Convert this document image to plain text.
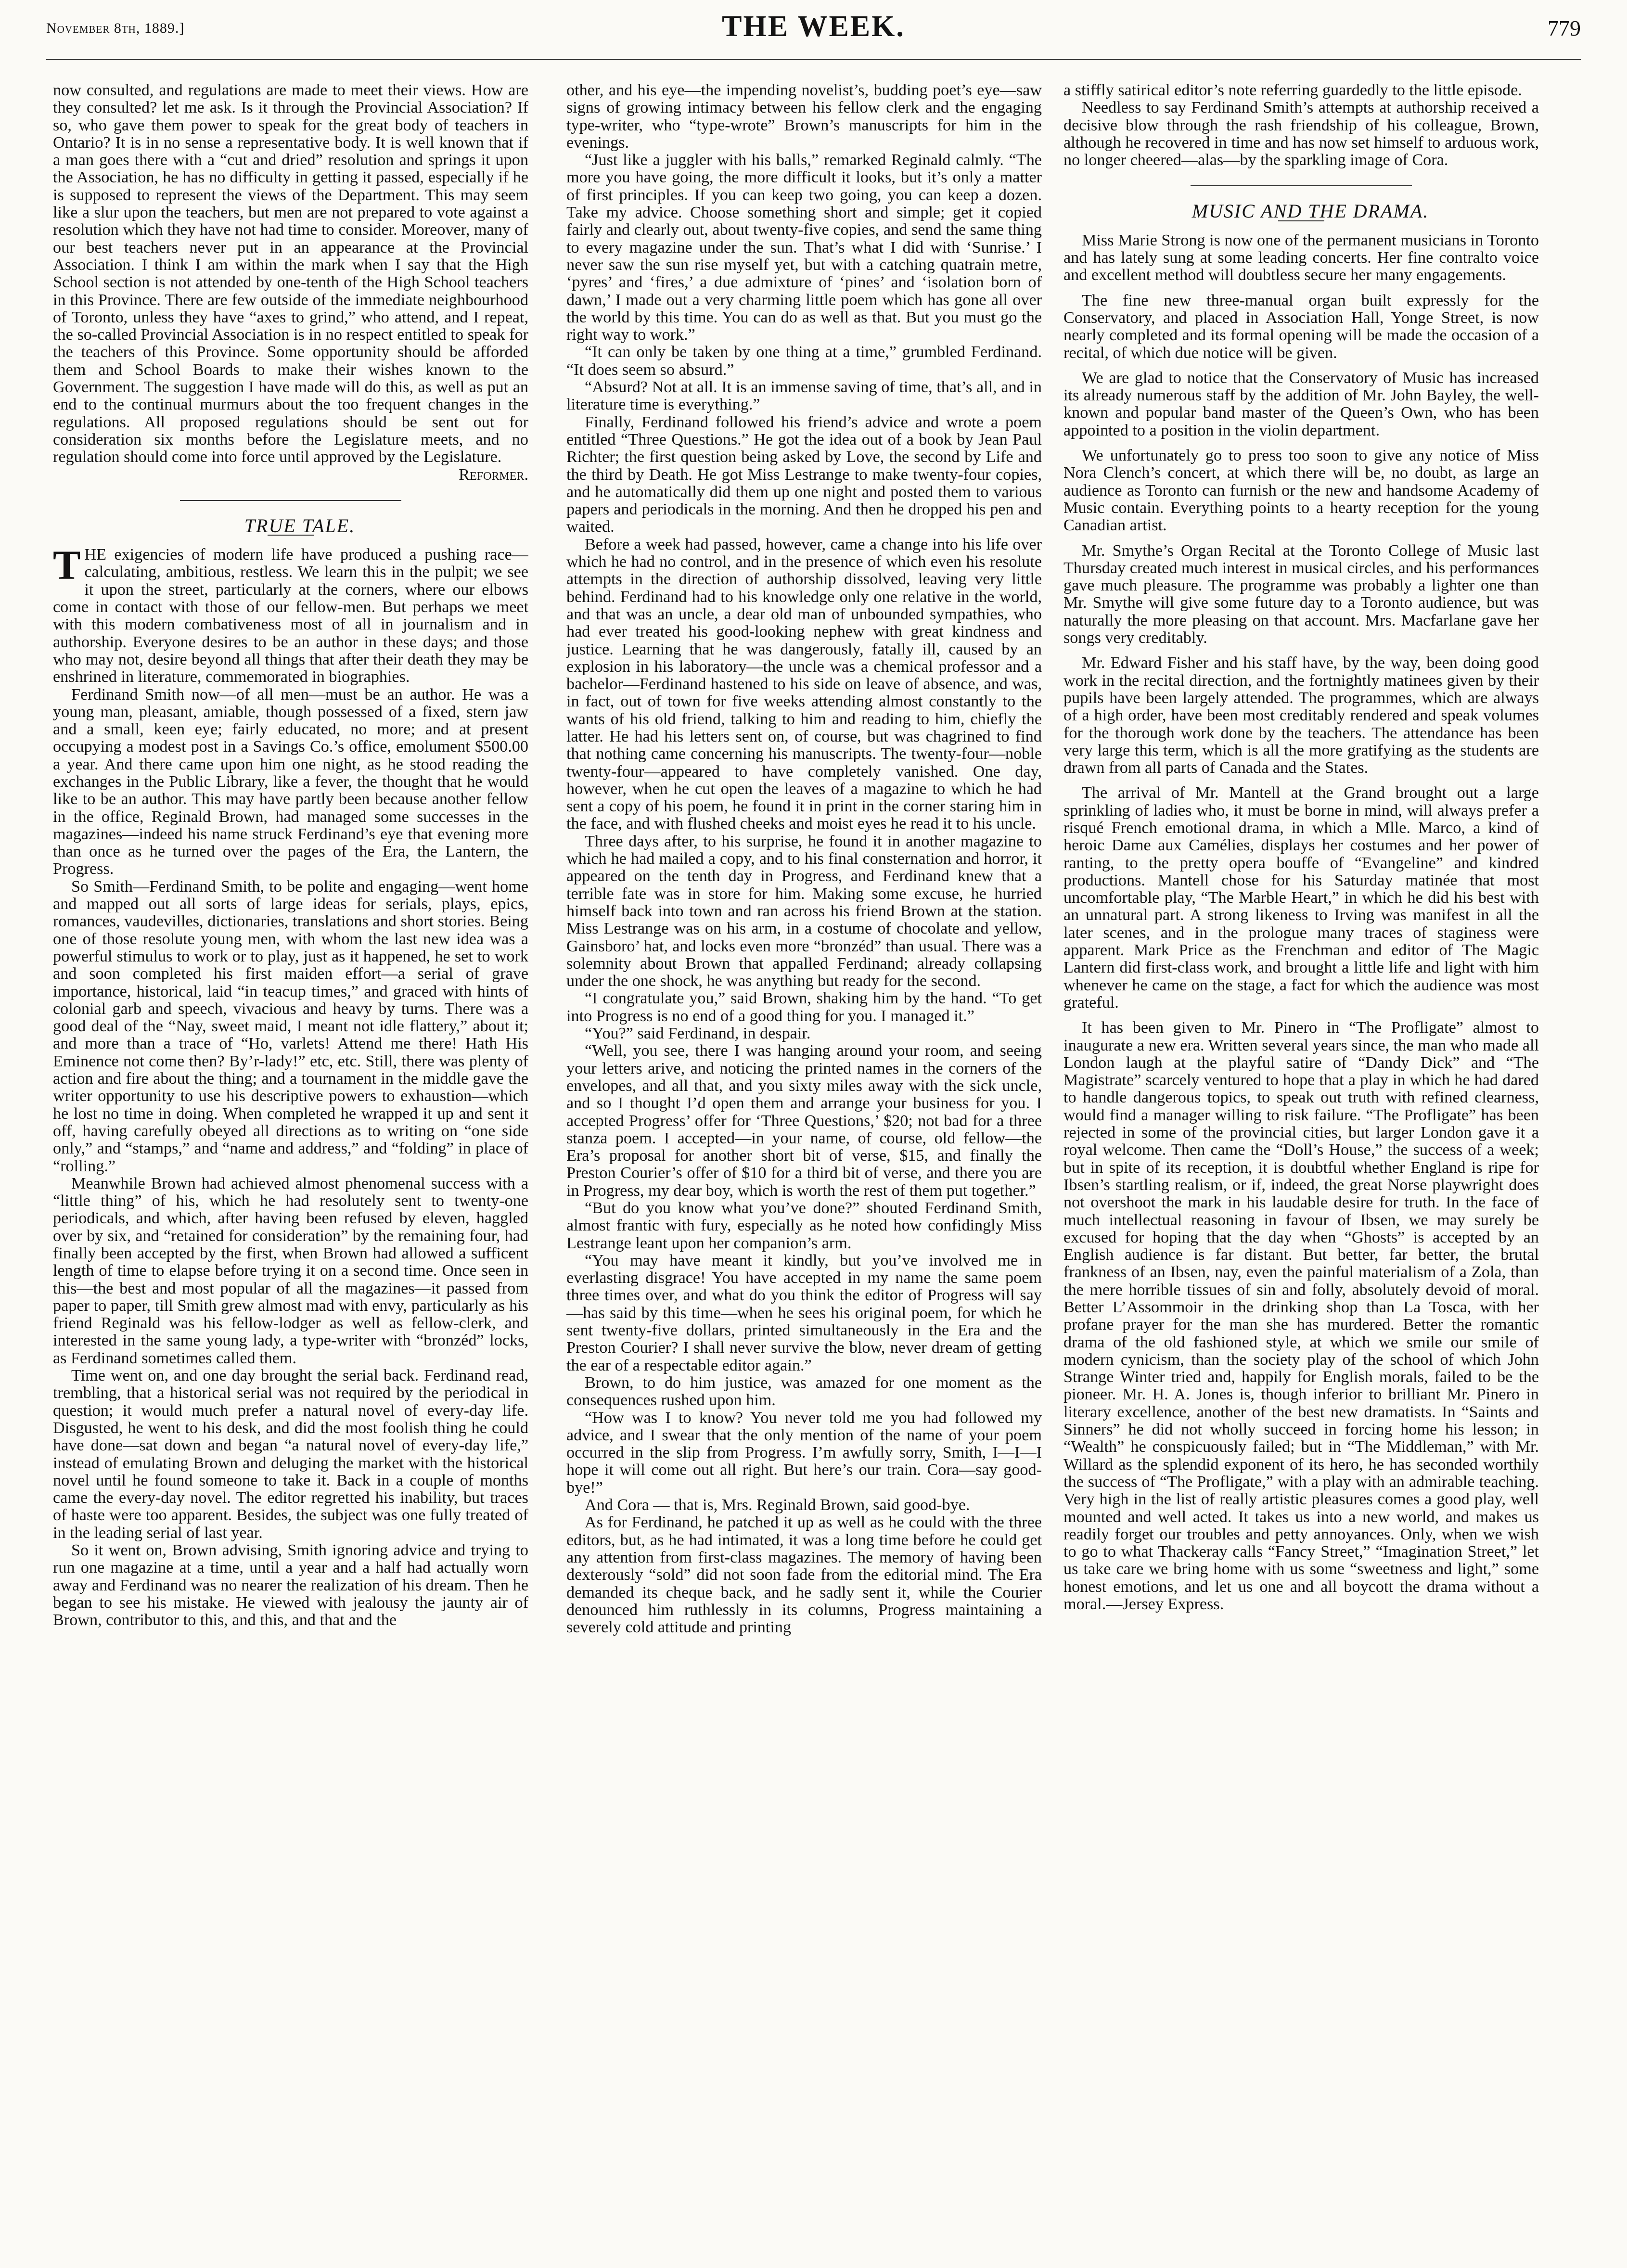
November 8th, 1889.]	THE WEEK.	779

now consulted, and regulations are made to meet their views. How are they consulted? let me ask. Is it through the Provincial Association? If so, who gave them power to speak for the great body of teachers in Ontario? It is in no sense a representative body. It is well known that if a man goes there with a “cut and dried” resolution and springs it upon the Association, he has no difficulty in getting it passed, especially if he is supposed to represent the views of the Department. This may seem like a slur upon the teachers, but men are not prepared to vote against a resolution which they have not had time to consider. Moreover, many of our best teachers never put in an appearance at the Provincial Association. I think I am within the mark when I say that the High School section is not attended by one-tenth of the High School teachers in this Province. There are few outside of the immediate neighbourhood of Toronto, unless they have “axes to grind,” who attend, and I repeat, the so-called Provincial Association is in no respect entitled to speak for the teachers of this Province. Some opportunity should be afforded them and School Boards to make their wishes known to the Government. The suggestion I have made will do this, as well as put an end to the continual murmurs about the too frequent changes in the regulations. All proposed regulations should be sent out for consideration six months before the Legislature meets, and no regulation should come into force until approved by the Legislature.

Reformer.

TRUE TALE.

THE exigencies of modern life have produced a pushing race—calculating, ambitious, restless. We learn this in the pulpit; we see it upon the street, particularly at the corners, where our elbows come in contact with those of our fellow-men. But perhaps we meet with this modern combativeness most of all in journalism and in authorship. Everyone desires to be an author in these days; and those who may not, desire beyond all things that after their death they may be enshrined in literature, commemorated in biographies.

Ferdinand Smith now—of all men—must be an author. He was a young man, pleasant, amiable, though possessed of a fixed, stern jaw and a small, keen eye; fairly educated, no more; and at present occupying a modest post in a Savings Co.’s office, emolument $500.00 a year. And there came upon him one night, as he stood reading the exchanges in the Public Library, like a fever, the thought that he would like to be an author. This may have partly been because another fellow in the office, Reginald Brown, had managed some successes in the magazines—indeed his name struck Ferdinand’s eye that evening more than once as he turned over the pages of the Era, the Lantern, the Progress.

So Smith—Ferdinand Smith, to be polite and engaging—went home and mapped out all sorts of large ideas for serials, plays, epics, romances, vaudevilles, dictionaries, translations and short stories. Being one of those resolute young men, with whom the last new idea was a powerful stimulus to work or to play, just as it happened, he set to work and soon completed his first maiden effort—a serial of grave importance, historical, laid “in teacup times,” and graced with hints of colonial garb and speech, vivacious and heavy by turns. There was a good deal of the “Nay, sweet maid, I meant not idle flattery,” about it; and more than a trace of “Ho, varlets! Attend me there! Hath His Eminence not come then? By’r-lady!” etc, etc. Still, there was plenty of action and fire about the thing; and a tournament in the middle gave the writer opportunity to use his descriptive powers to exhaustion—which he lost no time in doing. When completed he wrapped it up and sent it off, having carefully obeyed all directions as to writing on “one side only,” and “stamps,” and “name and address,” and “folding” in place of “rolling.”

Meanwhile Brown had achieved almost phenomenal success with a “little thing” of his, which he had resolutely sent to twenty-one periodicals, and which, after having been refused by eleven, haggled over by six, and “retained for consideration” by the remaining four, had finally been accepted by the first, when Brown had allowed a sufficent length of time to elapse before trying it on a second time. Once seen in this—the best and most popular of all the magazines—it passed from paper to paper, till Smith grew almost mad with envy, particularly as his friend Reginald was his fellow-lodger as well as fellow-clerk, and interested in the same young lady, a type-writer with “bronzéd” locks, as Ferdinand sometimes called them.

Time went on, and one day brought the serial back. Ferdinand read, trembling, that a historical serial was not required by the periodical in question; it would much prefer a natural novel of every-day life. Disgusted, he went to his desk, and did the most foolish thing he could have done—sat down and began “a natural novel of every-day life,” instead of emulating Brown and deluging the market with the historical novel until he found someone to take it. Back in a couple of months came the every-day novel. The editor regretted his inability, but traces of haste were too apparent. Besides, the subject was one fully treated of in the leading serial of last year.

So it went on, Brown advising, Smith ignoring advice and trying to run one magazine at a time, until a year and a half had actually worn away and Ferdinand was no nearer the realization of his dream. Then he began to see his mistake. He viewed with jealousy the jaunty air of Brown, contributor to this, and this, and that and the

other, and his eye—the impending novelist’s, budding poet’s eye—saw signs of growing intimacy between his fellow clerk and the engaging type-writer, who “type-wrote” Brown’s manuscripts for him in the evenings.

“Just like a juggler with his balls,” remarked Reginald calmly. “The more you have going, the more difficult it looks, but it’s only a matter of first principles. If you can keep two going, you can keep a dozen. Take my advice. Choose something short and simple; get it copied fairly and clearly out, about twenty-five copies, and send the same thing to every magazine under the sun. That’s what I did with ‘Sunrise.’ I never saw the sun rise myself yet, but with a catching quatrain metre, ‘pyres’ and ‘fires,’ a due admixture of ‘pines’ and ‘isolation born of dawn,’ I made out a very charming little poem which has gone all over the world by this time. You can do as well as that. But you must go the right way to work.”

“It can only be taken by one thing at a time,” grumbled Ferdinand. “It does seem so absurd.”

“Absurd? Not at all. It is an immense saving of time, that’s all, and in literature time is everything.”

Finally, Ferdinand followed his friend’s advice and wrote a poem entitled “Three Questions.” He got the idea out of a book by Jean Paul Richter; the first question being asked by Love, the second by Life and the third by Death. He got Miss Lestrange to make twenty-four copies, and he automatically did them up one night and posted them to various papers and periodicals in the morning. And then he dropped his pen and waited.

Before a week had passed, however, came a change into his life over which he had no control, and in the presence of which even his resolute attempts in the direction of authorship dissolved, leaving very little behind. Ferdinand had to his knowledge only one relative in the world, and that was an uncle, a dear old man of unbounded sympathies, who had ever treated his good-looking nephew with great kindness and justice. Learning that he was dangerously, fatally ill, caused by an explosion in his laboratory—the uncle was a chemical professor and a bachelor—Ferdinand hastened to his side on leave of absence, and was, in fact, out of town for five weeks attending almost constantly to the wants of his old friend, talking to him and reading to him, chiefly the latter. He had his letters sent on, of course, but was chagrined to find that nothing came concerning his manuscripts. The twenty-four—noble twenty-four—appeared to have completely vanished. One day, however, when he cut open the leaves of a magazine to which he had sent a copy of his poem, he found it in print in the corner staring him in the face, and with flushed cheeks and moist eyes he read it to his uncle.

Three days after, to his surprise, he found it in another magazine to which he had mailed a copy, and to his final consternation and horror, it appeared on the tenth day in Progress, and Ferdinand knew that a terrible fate was in store for him. Making some excuse, he hurried himself back into town and ran across his friend Brown at the station. Miss Lestrange was on his arm, in a costume of chocolate and yellow, Gainsboro’ hat, and locks even more “bronzéd” than usual. There was a solemnity about Brown that appalled Ferdinand; already collapsing under the one shock, he was anything but ready for the second.

“I congratulate you,” said Brown, shaking him by the hand. “To get into Progress is no end of a good thing for you. I managed it.”

“You?” said Ferdinand, in despair.

“Well, you see, there I was hanging around your room, and seeing your letters arive, and noticing the printed names in the corners of the envelopes, and all that, and you sixty miles away with the sick uncle, and so I thought I’d open them and arrange your business for you. I accepted Progress’ offer for ‘Three Questions,’ $20; not bad for a three stanza poem. I accepted—in your name, of course, old fellow—the Era’s proposal for another short bit of verse, $15, and finally the Preston Courier’s offer of $10 for a third bit of verse, and there you are in Progress, my dear boy, which is worth the rest of them put together.”

“But do you know what you’ve done?” shouted Ferdinand Smith, almost frantic with fury, especially as he noted how confidingly Miss Lestrange leant upon her companion’s arm.

“You may have meant it kindly, but you’ve involved me in everlasting disgrace! You have accepted in my name the same poem three times over, and what do you think the editor of Progress will say—has said by this time—when he sees his original poem, for which he sent twenty-five dollars, printed simultaneously in the Era and the Preston Courier? I shall never survive the blow, never dream of getting the ear of a respectable editor again.”

Brown, to do him justice, was amazed for one moment as the consequences rushed upon him.

“How was I to know? You never told me you had followed my advice, and I swear that the only mention of the name of your poem occurred in the slip from Progress. I’m awfully sorry, Smith, I—I—I hope it will come out all right. But here’s our train. Cora—say good-bye!”

And Cora — that is, Mrs. Reginald Brown, said good-bye.

As for Ferdinand, he patched it up as well as he could with the three editors, but, as he had intimated, it was a long time before he could get any attention from first-class magazines. The memory of having been dexterously “sold” did not soon fade from the editorial mind. The Era demanded its cheque back, and he sadly sent it, while the Courier denounced him ruthlessly in its columns, Progress maintaining a severely cold attitude and printing

a stiffly satirical editor’s note referring guardedly to the little episode.

Needless to say Ferdinand Smith’s attempts at authorship received a decisive blow through the rash friendship of his colleague, Brown, although he recovered in time and has now set himself to arduous work, no longer cheered—alas—by the sparkling image of Cora.

MUSIC AND THE DRAMA.

Miss Marie Strong is now one of the permanent musicians in Toronto and has lately sung at some leading concerts. Her fine contralto voice and excellent method will doubtless secure her many engagements.

The fine new three-manual organ built expressly for the Conservatory, and placed in Association Hall, Yonge Street, is now nearly completed and its formal opening will be made the occasion of a recital, of which due notice will be given.

We are glad to notice that the Conservatory of Music has increased its already numerous staff by the addition of Mr. John Bayley, the well-known and popular band master of the Queen’s Own, who has been appointed to a position in the violin department.

We unfortunately go to press too soon to give any notice of Miss Nora Clench’s concert, at which there will be, no doubt, as large an audience as Toronto can furnish or the new and handsome Academy of Music contain. Everything points to a hearty reception for the young Canadian artist.

Mr. Smythe’s Organ Recital at the Toronto College of Music last Thursday created much interest in musical circles, and his performances gave much pleasure. The programme was probably a lighter one than Mr. Smythe will give some future day to a Toronto audience, but was naturally the more pleasing on that account. Mrs. Macfarlane gave her songs very creditably.

Mr. Edward Fisher and his staff have, by the way, been doing good work in the recital direction, and the fortnightly matinees given by their pupils have been largely attended. The programmes, which are always of a high order, have been most creditably rendered and speak volumes for the thorough work done by the teachers. The attendance has been very large this term, which is all the more gratifying as the students are drawn from all parts of Canada and the States.

The arrival of Mr. Mantell at the Grand brought out a large sprinkling of ladies who, it must be borne in mind, will always prefer a risqué French emotional drama, in which a Mlle. Marco, a kind of heroic Dame aux Camélies, displays her costumes and her power of ranting, to the pretty opera bouffe of “Evangeline” and kindred productions. Mantell chose for his Saturday matinée that most uncomfortable play, “The Marble Heart,” in which he did his best with an unnatural part. A strong likeness to Irving was manifest in all the later scenes, and in the prologue many traces of staginess were apparent. Mark Price as the Frenchman and editor of The Magic Lantern did first-class work, and brought a little life and light with him whenever he came on the stage, a fact for which the audience was most grateful.

It has been given to Mr. Pinero in “The Profligate” almost to inaugurate a new era. Written several years since, the man who made all London laugh at the playful satire of “Dandy Dick” and “The Magistrate” scarcely ventured to hope that a play in which he had dared to handle dangerous topics, to speak out truth with refined clearness, would find a manager willing to risk failure. “The Profligate” has been rejected in some of the provincial cities, but larger London gave it a royal welcome. Then came the “Doll’s House,” the success of a week; but in spite of its reception, it is doubtful whether England is ripe for Ibsen’s startling realism, or if, indeed, the great Norse playwright does not overshoot the mark in his laudable desire for truth. In the face of much intellectual reasoning in favour of Ibsen, we may surely be excused for hoping that the day when “Ghosts” is accepted by an English audience is far distant. But better, far better, the brutal frankness of an Ibsen, nay, even the painful materialism of a Zola, than the mere horrible tissues of sin and folly, absolutely devoid of moral. Better L’Assommoir in the drinking shop than La Tosca, with her profane prayer for the man she has murdered. Better the romantic drama of the old fashioned style, at which we smile our smile of modern cynicism, than the society play of the school of which John Strange Winter tried and, happily for English morals, failed to be the pioneer. Mr. H. A. Jones is, though inferior to brilliant Mr. Pinero in literary excellence, another of the best new dramatists. In “Saints and Sinners” he did not wholly succeed in forcing home his lesson; in “Wealth” he conspicuously failed; but in “The Middleman,” with Mr. Willard as the splendid exponent of its hero, he has seconded worthily the success of “The Profligate,” with a play with an admirable teaching. Very high in the list of really artistic pleasures comes a good play, well mounted and well acted. It takes us into a new world, and makes us readily forget our troubles and petty annoyances. Only, when we wish to go to what Thackeray calls “Fancy Street,” “Imagination Street,” let us take care we bring home with us some “sweetness and light,” some honest emotions, and let us one and all boycott the drama without a moral.—Jersey Express.
